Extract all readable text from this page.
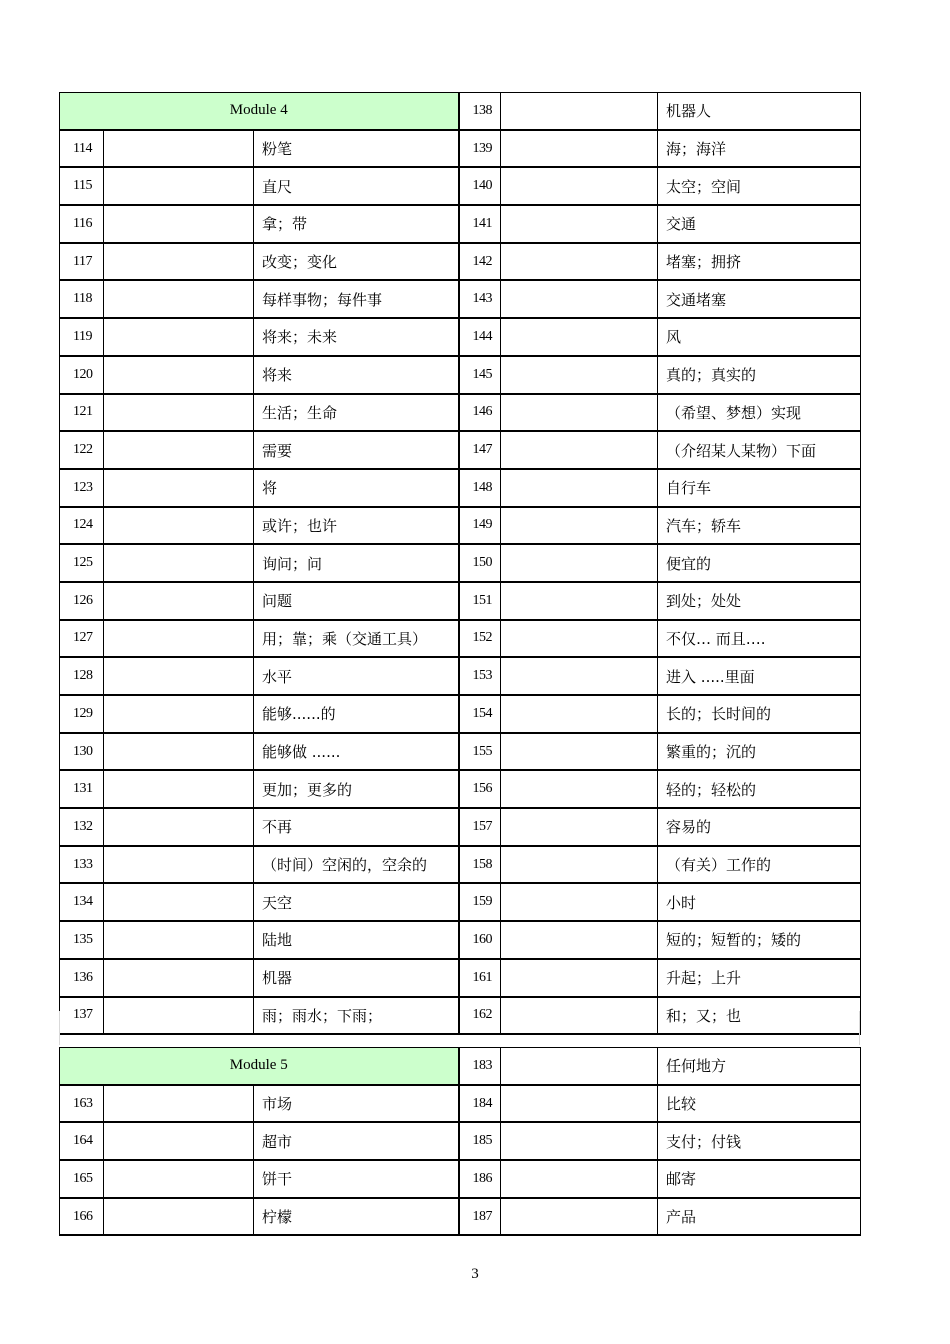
Module 4			138		机器人
114		粉笔	139		海；海洋
115		直尺	140		太空；空间
116		拿；带	141		交通
117		改变；变化	142		堵塞；拥挤
118		每样事物；每件事	143		交通堵塞
119		将来；未来	144		风
120		将来	145		真的；真实的
121		生活；生命	146		（希望、梦想）实现
122		需要	147		（介绍某人某物）下面
123		将	148		自行车
124		或许；也许	149		汽车；轿车
125		询问；问	150		便宜的
126		问题	151		到处；处处
127		用；靠；乘（交通工具）	152		不仅… 而且….
128		水平	153		进入 .....里面
129		能够......的	154		长的；长时间的
130		能够做 ......	155		繁重的；沉的
131		更加；更多的	156		轻的；轻松的
132		不再	157		容易的
133		（时间）空闲的，空余的	158		（有关）工作的
134		天空	159		小时
135		陆地	160		短的；短暂的；矮的
136		机器	161		升起；上升
137		雨；雨水；下雨；	162		和；又；也
Module 5			183		任何地方
163		市场	184		比较
164		超市	185		支付；付钱
165		饼干	186		邮寄
166		柠檬	187		产品
3
